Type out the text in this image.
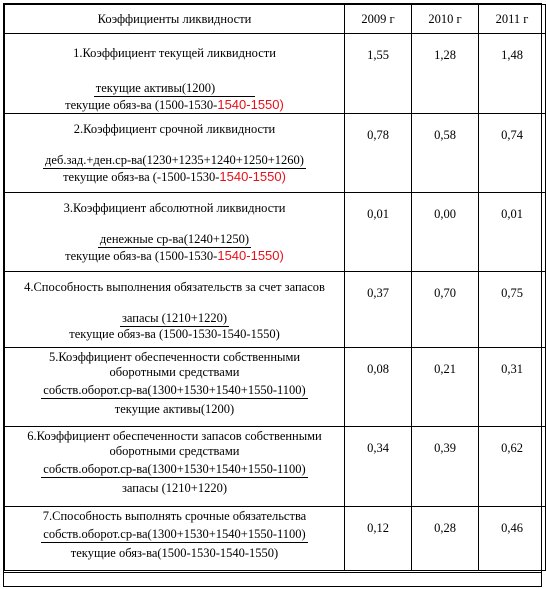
Коэффициенты ликвидности	2009 г	2010 г	2011 г

1.Коэффициент текущей ликвидности
текущие активы(1200)
текущие обяз-ва (1500-1530-1540-1550)	1,55	1,28	1,48

2.Коэффициент срочной ликвидности
деб.зад.+ден.ср-ва(1230+1235+1240+1250+1260)
текущие обяз-ва (-1500-1530-1540-1550)	0,78	0,58	0,74

3.Коэффициент абсолютной ликвидности
денежные ср-ва(1240+1250)
текущие обяз-ва (1500-1530-1540-1550)	0,01	0,00	0,01

4.Способность выполнения обязательств за счет запасов
запасы (1210+1220)
текущие обяз-ва (1500-1530-1540-1550)	0,37	0,70	0,75

5.Коэффициент обеспеченности собственными
оборотными средствами
собств.оборот.ср-ва(1300+1530+1540+1550-1100)
текущие активы(1200)	0,08	0,21	0,31

6.Коэффициент обеспеченности запасов собственными
оборотными средствами
собств.оборот.ср-ва(1300+1530+1540+1550-1100)
запасы (1210+1220)	0,34	0,39	0,62

7.Способность выполнять срочные обязательства
собств.оборот.ср-ва(1300+1530+1540+1550-1100)
текущие обяз-ва(1500-1530-1540-1550)	0,12	0,28	0,46
